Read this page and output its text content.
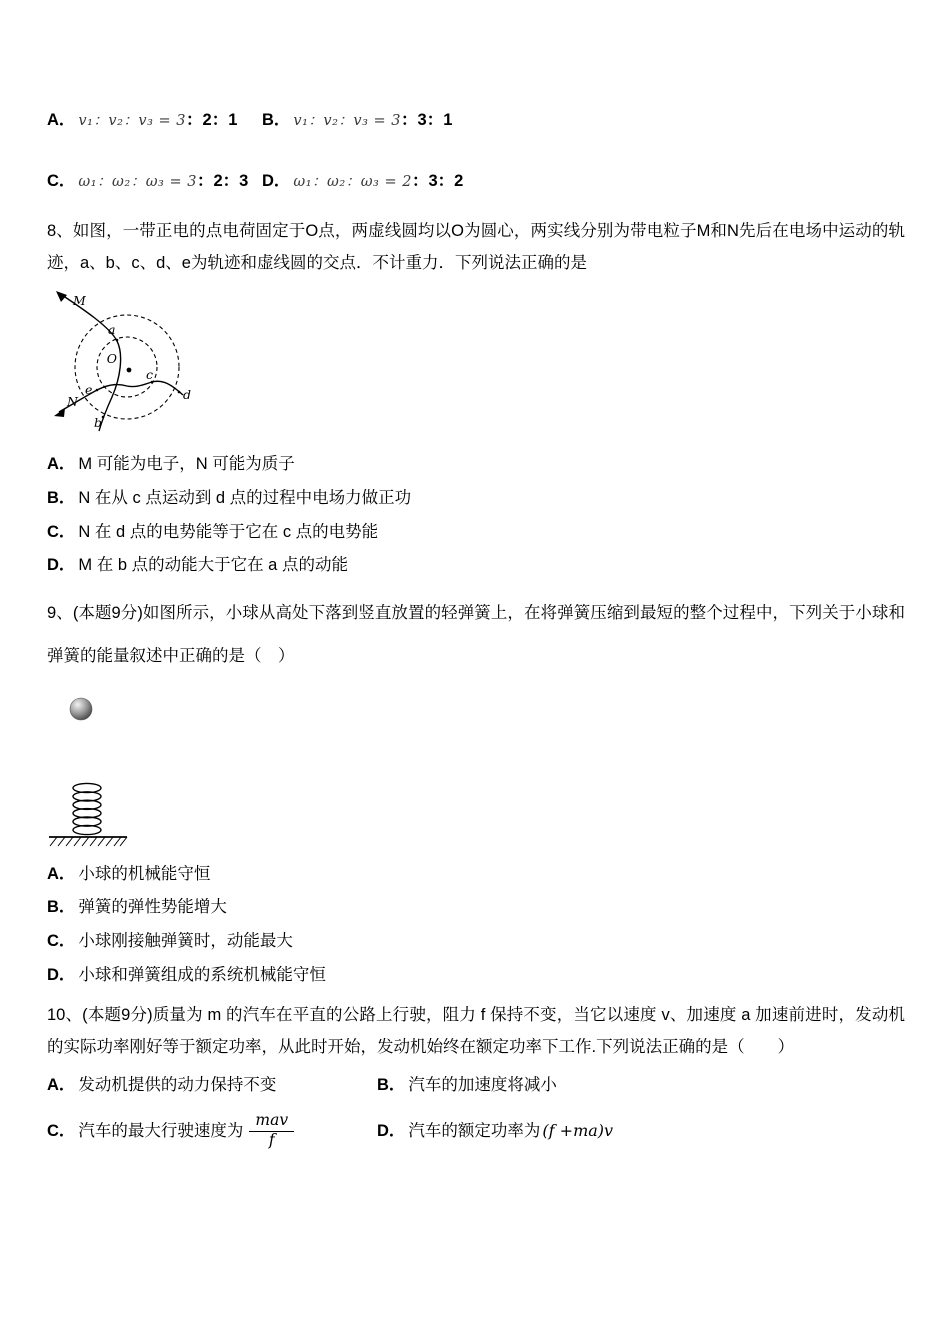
A． v₁：v₂：v₃ = 3 ：2：1 B． v₁：v₂：v₃ = 3 ：3：1
C． ω₁：ω₂：ω₃ = 3 ：2：3 D． ω₁：ω₂：ω₃ = 2 ：3：2

8、如图，一带正电的点电荷固定于O点，两虚线圆均以O为圆心，两实线分别为带电粒子M和N先后在电场中运动的轨迹，a、b、c、d、e为轨迹和虚线圆的交点．不计重力．下列说法正确的是

M
N
O
a
b
c
d
e
A． M 可能为电子，N 可能为质子
B． N 在从 c 点运动到 d 点的过程中电场力做正功
C． N 在 d 点的电势能等于它在 c 点的电势能
D． M 在 b 点的动能大于它在 a 点的动能

9、(本题9分)如图所示，小球从高处下落到竖直放置的轻弹簧上，在将弹簧压缩到最短的整个过程中，下列关于小球和弹簧的能量叙述中正确的是（　）

A． 小球的机械能守恒
B． 弹簧的弹性势能增大
C． 小球刚接触弹簧时，动能最大
D． 小球和弹簧组成的系统机械能守恒

10、(本题9分)质量为 m 的汽车在平直的公路上行驶，阻力 f 保持不变，当它以速度 v、加速度 a 加速前进时，发动机的实际功率刚好等于额定功率，从此时开始，发动机始终在额定功率下工作.下列说法正确的是（　　）

A． 发动机提供的动力保持不变	B． 汽车的加速度将减小
C． 汽车的最大行驶速度为 $\frac{\text{mav}}{f}$	D． 汽车的额定功率为 (f +ma)v
